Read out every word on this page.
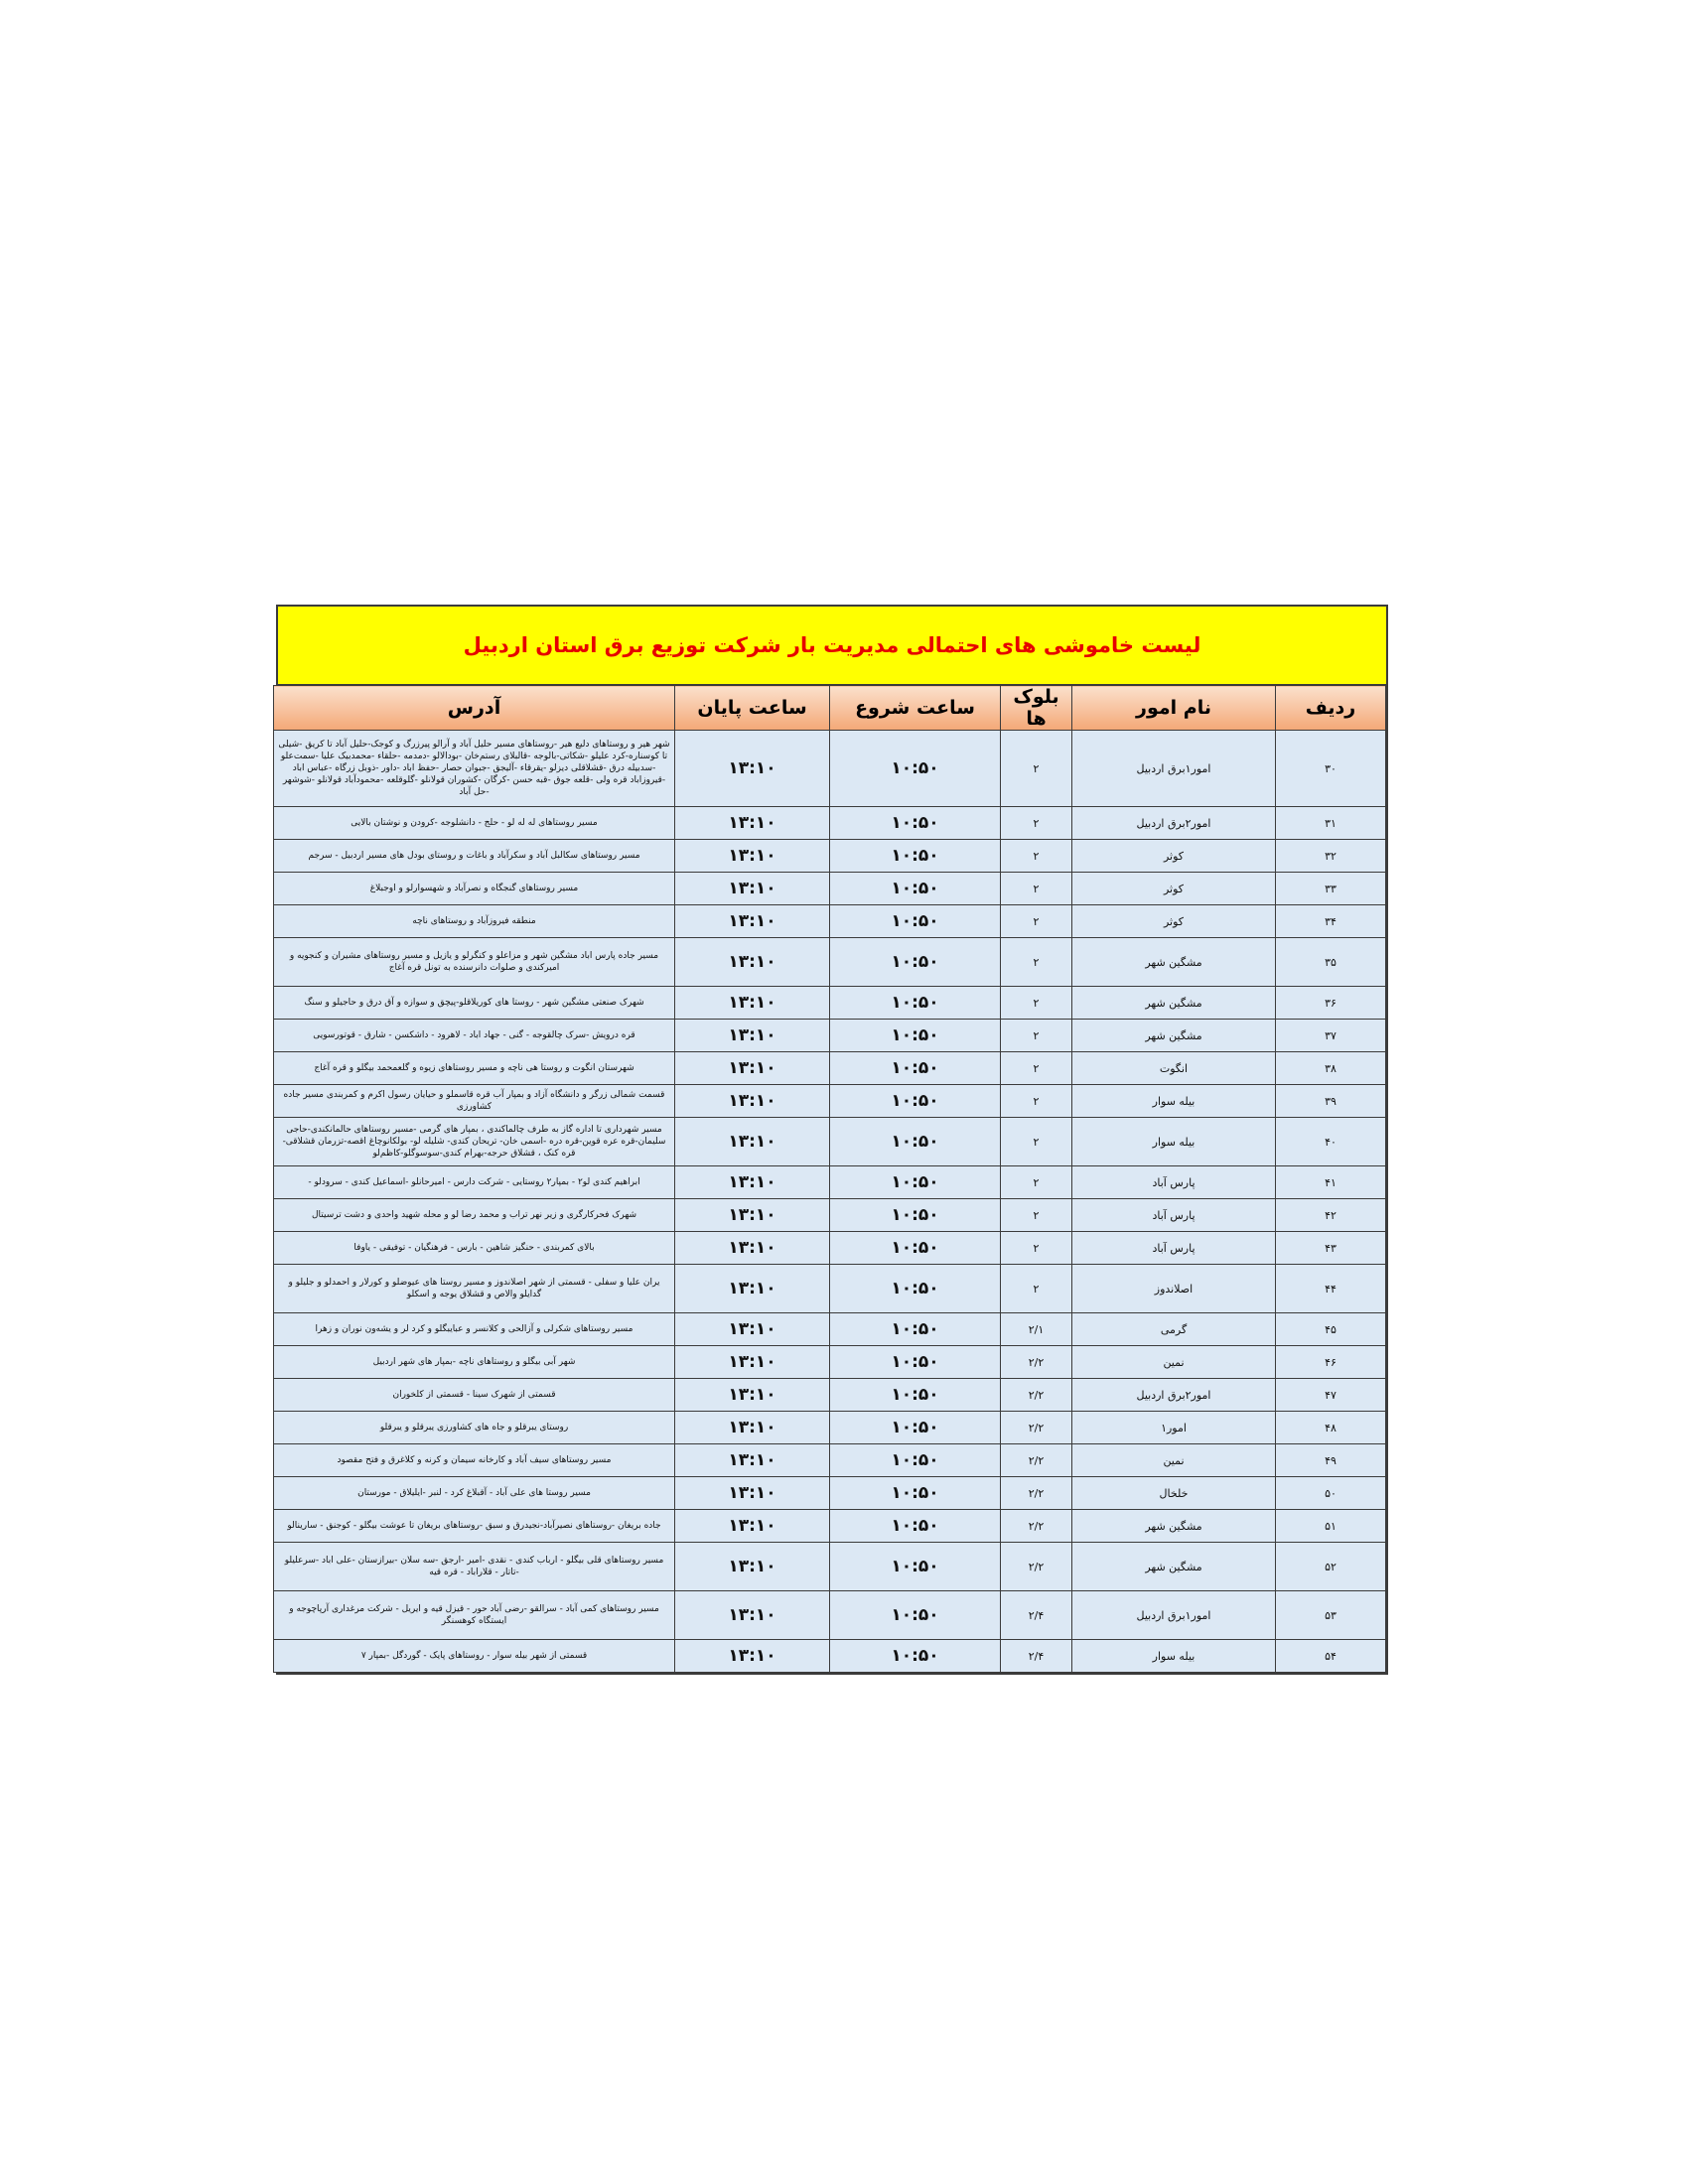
لیست خاموشی های احتمالی مدیریت بار شرکت توزیع برق استان اردبیل
ردیف	نام امور	بلوک ها	ساعت شروع	ساعت پایان	آدرس
۳۰	امور۱برق اردبیل	۲	۱۰:۵۰	۱۳:۱۰	شهر هیر و روستاهای دلیع هیر -روستاهای مسیر حلیل آباد و آرالو پیرزرگ و کوجک-حلیل آباد تا کریق -شیلی تا کوسناره-کرد علیلو -شکاتی-بالوجه -قالبلای رستم‌خان -بودالالو -دمدمه -حلقاء -محمدبیک علیا -سمت‌علو -سدبیله درق -قشلاقلی دیزلو -یقرقاء -آلیجق -جبوان حصار -حفظ اباد -داور -ذوبل زرگاه -عباس اباد -قیروزاباد قره ولی -قلعه جوق -قبه حسن -کرگان -کشوران قولانلو -گلوقلعه -محمودآباد قولانلو -شوشهر -حل آباد
۳۱	امور۲برق اردبیل	۲	۱۰:۵۰	۱۳:۱۰	مسیر روستاهای له له لو - حلج - دانشلوجه -کرودن و نوشتان بالایی
۳۲	کوثر	۲	۱۰:۵۰	۱۳:۱۰	مسیر روستاهای سکالبل آباد و سکرآباد و باغات و روستای بودل های مسیر اردبیل - سرجم
۳۳	کوثر	۲	۱۰:۵۰	۱۳:۱۰	مسیر روستاهای گنجگاه و نصرآباد و شهسوارلو و اوجبلاغ
۳۴	کوثر	۲	۱۰:۵۰	۱۳:۱۰	منطقه فیروزآباد و روستاهای ناچه
۳۵	مشگین شهر	۲	۱۰:۵۰	۱۳:۱۰	مسیر جاده پارس اباد مشگین شهر و مزاعلو و کنگرلو و یازیل و مسیر روستاهای مشیران و کنجویه و امیرکندی و صلوات دانرسنده به تونل قره آغاج
۳۶	مشگین شهر	۲	۱۰:۵۰	۱۳:۱۰	شهرک صنعتی مشگین شهر - روستا های کوریلاقلو-پیچق و سوازه و آق درق و حاجیلو و سنگ
۳۷	مشگین شهر	۲	۱۰:۵۰	۱۳:۱۰	قره درویش -سرک چالقوجه - گنی - جهاد اباد - لاهرود - داشکسن - شارق - قوتورسویی
۳۸	انگوت	۲	۱۰:۵۰	۱۳:۱۰	شهرستان انگوت و روستا هی ناچه و مسیر روستاهای زیوه و گلعمحمد بیگلو و قره آغاج
۳۹	بیله سوار	۲	۱۰:۵۰	۱۳:۱۰	قسمت شمالی زرگر و دانشگاه آزاد و بمپار آب قره قاسملو و حیایان رسول اکرم و کمربندی مسیر جاده کشاورزی
۴۰	بیله سوار	۲	۱۰:۵۰	۱۳:۱۰	مسیر شهرداری تا اداره گاز به طرف چالماکندی ، بمپار های گرمی -مسیر روستاهای حالمانکندی-حاجی سلیمان-قره عره قوین-قره دره -اسمی خان- تریحان کندی- شلیله لو- بولکانوچاغ اقصه-تزرمان قشلاقی-قره کنک ، قشلاق حرجه-بهرام کندی-سوسوگلو-کاظم‌لو
۴۱	پارس آباد	۲	۱۰:۵۰	۱۳:۱۰	ابراهیم کندی لو۲ - بمپار۲ روستایی - شرکت دارس - امیرحانلو -اسماعیل کندی - سرودلو -
۴۲	پارس آباد	۲	۱۰:۵۰	۱۳:۱۰	شهرک فحرکارگری و زیر نهر تراب و محمد رضا لو و محله شهید واحدی و دشت ترسیتال
۴۳	پارس آباد	۲	۱۰:۵۰	۱۳:۱۰	بالای کمربندی - حنگیز شاهین - بارس - فرهنگیان - توفیقی - یاوفا
۴۴	اصلاندوز	۲	۱۰:۵۰	۱۳:۱۰	یران علیا و سفلی - قسمتی از شهر اصلاندوز و مسیر روستا های عیوضلو و کورلار و احمدلو و جلیلو و گدایلو والاص و قشلاق یوجه و اسکلو
۴۵	گرمی	۲/۱	۱۰:۵۰	۱۳:۱۰	مسیر روستاهای شکرلی و آزالحی و کلانسر و عبایبگلو و کرد لر و یشه‌ون نوران و زهرا
۴۶	نمین	۲/۲	۱۰:۵۰	۱۳:۱۰	شهر آبی بیگلو و روستاهای ناچه -بمپار های شهر اردبیل
۴۷	امور۲برق اردبیل	۲/۲	۱۰:۵۰	۱۳:۱۰	قسمتی از شهرک سینا - قسمتی از کلخوران
۴۸	امور۱	۲/۲	۱۰:۵۰	۱۳:۱۰	روستای یبرقلو و جاه های کشاورزی یبرقلو و یبرقلو
۴۹	نمین	۲/۲	۱۰:۵۰	۱۳:۱۰	مسیر روستاهای سیف آباد و کارخانه سیمان و کرنه و کلاغرق و فتح مقصود
۵۰	خلخال	۲/۲	۱۰:۵۰	۱۳:۱۰	مسیر روستا های علی آباد - آقبلاغ کرد - لنبر -ایلیلاق - مورستان
۵۱	مشگین شهر	۲/۲	۱۰:۵۰	۱۳:۱۰	جاده بریغان -روستاهای نصیرآباد-نجیدرق و سبق -روستاهای بریغان تا عوشت بیگلو - کوجنق - سارینالو
۵۲	مشگین شهر	۲/۲	۱۰:۵۰	۱۳:۱۰	مسیر روستاهای قلی بیگلو - ارباب کندی - نقدی -امیر -ارجق -سه‌ سلان -بیرازستان -علی اباد -سرعلیلو -تاتار - قلاراباد - قره قیه
۵۳	امور۱برق اردبیل	۲/۴	۱۰:۵۰	۱۳:۱۰	مسیر روستاهای کمی آباد - سرالقو -رضی آباد حور - قیزل قیه و ایریل - شرکت مرغداری آرپاچوجه و ایستگاه کوهسنگر
۵۴	بیله سوار	۲/۴	۱۰:۵۰	۱۳:۱۰	قسمتی از شهر بیله سوار - روستاهای پایک - گوردگل -بمپار ۷
